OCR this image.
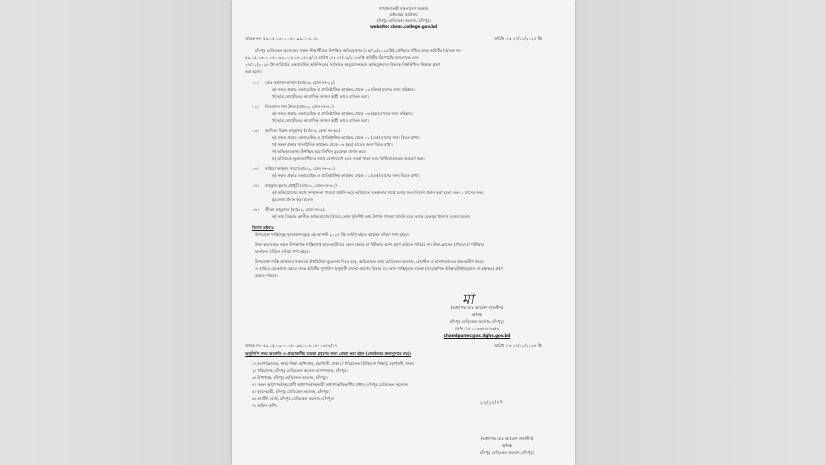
গণপ্রজাতন্ত্রী বাংলাদেশ সরকার
অধ্যক্ষের কার্যালয়
চাঁদপুর মেডিকেল কলেজ, চাঁদপুর।
website: cbmc.college.gov.bd
স্মারক নং- ৫৯.১৫.১৩০০.০৫০.৯৯.০০৪.১৪.	তারিখ ঃ ২৭/১১/২০২৪ খ্রি
চাঁদপুর মেডিকেল কলেজের সকল শিক্ষার্থীদের উপস্থিত অভিযোগের (১৫/০৯/২০২৪খ্রি) প্রেক্ষিতে গঠিত তদন্ত কমিটির (স্মারক নং-
৫৯.১৫.১৩০০.০৫০.৯৯.০০৪.১৪.১৫১৫/১) তারিখ ঃ ২৭/০৯/২০২৪খ্রি কমিটির রিপোর্টের আলোকে এবং
২৭/১১/২০২৪ খ্রি তারিখের একাডেমিক কাউন্সিলের সর্বসম্মত অনুমোদনক্রমে অভিযুক্তদের বিরুদ্ধে নিম্নলিখিত সিদ্ধান্ত গ্রহণ
করা হলো।
০১। মোঃ ফয়সাল হাসান (ব্যাচ-৩, রোল নং-২২)
ক) সকল প্রকার একাডেমিক ও প্রাতিষ্ঠানিক কার্যক্রম থেকে ০৩ (তিন) মাসের জন্য বহিষ্কার।
খ) ছাত্র হোস্টেলের আবাসিক আসন স্থায়ী ভাবে বাতিল করা।
০২। নিত্যানন্দ দাস উদয় (ব্যাচ-২, রোল নং-৪০)
ক) সকল প্রকার একাডেমিক ও প্রাতিষ্ঠানিক কার্যক্রম থেকে ০৬ (ছয়) মাসের জন্য বহিষ্কার।
খ) ছাত্র হোস্টেলের আবাসিক আসন স্থায়ী ভাবে বাতিল করা।
০৩। আদিত্য বিক্রম মজুমদার (ব্যাচ-৩, রোল নং-৫৮)
ক) সকল প্রকার একাডেমিক ও প্রাতিষ্ঠানিক কার্যক্রম থেকে ০১ (এক) মাসের জন্য বিরত রাখা।
খ) সকল প্রকার সাংগঠনিক কার্যক্রম থেকে ০৬ (ছয়) মাসের জন্য বিরত রাখা।
গ) অভিভাবকসহ উপস্থিত হয়ে লিখিত মুচলেকা প্রদান করা।
ঘ) ভবিষ্যতে ভুক্তভোগীদের সাথে যোগাযোগ হতে সতর্ক থাকা এবং বিধিমোতাবেক আচরণ করা।
০৪। সামিয়া আহমদ সারা (ব্যাচ-২, রোল নং-৩১)
ক) সকল প্রকার একাডেমিক ও প্রাতিষ্ঠানিক কার্যক্রম থেকে ০১ (এক) মাসের জন্য বিরত রাখা।
০৫। মাহফুজ কুমার চৌধুরী (ব্যাচ-১, রোল নং-৪০)
ক) অভিযোগের সাথে সম্পৃক্ততা পাওয়া যায়নি তবে ভবিষ্যতে সতর্কতার সাথে চলার জন্য নির্দেশ প্রদান করা হলো এবং ১ মাসের জন্য
মুচলেকা প্রদান করা হলো।
০৬। শ্রীতম মজুমদার (ব্যাচ-২, রোল নং-৯)
ক) তার বিরুদ্ধে আনীত অভিযোগের বিষয়ে কোন সুনির্দিষ্ট তথ্য উপাত্ত পাওয়া যায়নি বলে তাকে বেকসুর খালাস দেওয়া হলো।
বিশেষ দ্রষ্টব্যঃ
উপরোক্ত শাস্তিসমূহ ছাত্রাবাসসমূহে ৬ই আগস্ট ২০২৪ খ্রি তারিখ হইতে কার্যকর বলিয়া গণ্য হইবে।
উক্ত কলেজের সকল উপস্থাপক শাস্তিপ্রাপ্ত ছাত্র-ছাত্রীদের কোন প্রকার বা পরীক্ষার অংশ গ্রহণ করিতে পারিবে না। উক্ত ক্লাসের হাজিরা বা পরীক্ষার
ফলাফল বাতিল বলিয়া গণ্য হইবে।
উপরোক্ত শাস্তি প্রাপ্তদের সকলকে উপরিউক্ত মুচলেকা দিতে হবে, অভিভাবক আর মেডিকেল কলেজ, হোস্টেল ও হাসপাতালের অভ্যন্তরীণ সময়ে
ও বাহিরে যেকোনো ক্ষেত্রে তদন্ত কমিটির সুপারিশ অনুযায়ী ব্যবস্থা গ্রহণের বিষয়ে যে কোন শাস্তিমূলক ব্যবস্থা (তাত্ক্ষণিক বহিষ্কার/উইথড্রয়াল বা হস্তান্তর) গ্রহণ
করতে পারবে।
মা
(অধ্যাপক ডাঃ আয়েশা নাজনীন)
অধ্যক্ষ
চাঁদপুর মেডিকেল কলেজ, চাঁদপুর।
ফোন ঃ ০১৩৩৪-৯৭৩৫৩
chandpurmc@ac.dghs.gov.bd
স্মারক নং- ৫৯.১৫.১৩০০.০৫০.৯৯.০০৪.১৪- ১৩৭৪/১৭	তারিখ ঃ ২৭/১১/২০২৪ খ্রি
অনুলিপি সদয় অবগতি ও প্রয়োজনীয় ব্যবস্থা গ্রহণের জন্য প্রেরণ করা হইল (জ্যেষ্ঠতার ক্রমানুসারে নয়)।
১। মহাপরিচালক, স্বাস্থ্য শিক্ষা অধিদপ্তর, মহাখালী, ঢাকা। / পরিচালক (চিকিৎসা শিক্ষা), মহাখালী, ঢাকা।
২। পরিচালক, চাঁদপুর মেডিকেল কলেজ হাসপাতাল, চাঁদপুর।
৩। উপাধ্যক্ষ, চাঁদপুর মেডিকেল কলেজ, চাঁদপুর।
৪। সকল অধ্যাপক/সহযোগী অধ্যাপক/সহকারী অধ্যাপক/বিভাগীয় প্রধান, চাঁদপুর মেডিকেল কলেজ।
৫। ছাত্র-ছাত্রী, চাঁদপুর মেডিকেল কলেজ, চাঁদপুর।
৬। নোটিশ বোর্ড, চাঁদপুর মেডিকেল কলেজ, চাঁদপুর।
৭। অফিস কপি।	২৭/১১/২৪
(অধ্যাপক ডাঃ আয়েশা নাজনীন)
অধ্যক্ষ
চাঁদপুর মেডিকেল কলেজ, চাঁদপুর।
